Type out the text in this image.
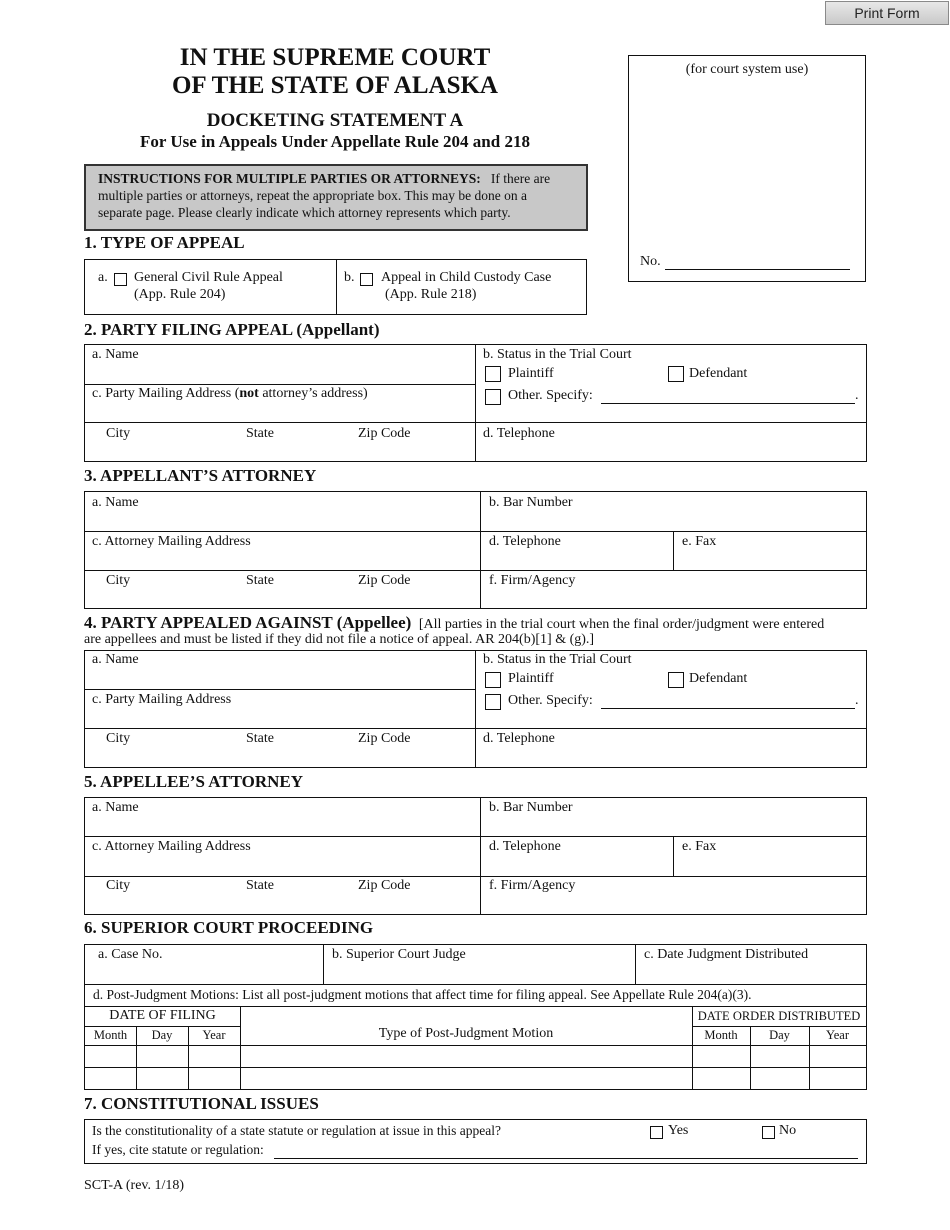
Print Form
IN THE SUPREME COURT
OF THE STATE OF ALASKA
DOCKETING STATEMENT A
For Use in Appeals Under Appellate Rule 204 and 218
(for court system use)
No.
INSTRUCTIONS FOR MULTIPLE PARTIES OR ATTORNEYS: If there are multiple parties or attorneys, repeat the appropriate box. This may be done on a separate page. Please clearly indicate which attorney represents which party.
1. TYPE OF APPEAL
a. General Civil Rule Appeal
(App. Rule 204)
b. Appeal in Child Custody Case
(App. Rule 218)
2. PARTY FILING APPEAL (Appellant)
a. Name
c. Party Mailing Address (not attorney’s address)
City	State	Zip Code
b. Status in the Trial Court
Plaintiff	Defendant
Other. Specify:	.
d. Telephone
3. APPELLANT’S ATTORNEY
a. Name	b. Bar Number
c. Attorney Mailing Address	d. Telephone	e. Fax
City	State	Zip Code	f. Firm/Agency
4. PARTY APPEALED AGAINST (Appellee) [All parties in the trial court when the final order/judgment were entered
are appellees and must be listed if they did not file a notice of appeal. AR 204(b)[1] & (g).]
a. Name
c. Party Mailing Address
City	State	Zip Code
b. Status in the Trial Court
Plaintiff	Defendant
Other. Specify:	.
d. Telephone
5. APPELLEE’S ATTORNEY
a. Name	b. Bar Number
c. Attorney Mailing Address	d. Telephone	e. Fax
City	State	Zip Code	f. Firm/Agency
6. SUPERIOR COURT PROCEEDING
a. Case No.	b. Superior Court Judge	c. Date Judgment Distributed
d. Post-Judgment Motions: List all post-judgment motions that affect time for filing appeal. See Appellate Rule 204(a)(3).
DATE OF FILING	DATE ORDER DISTRIBUTED
Month	Day	Year	Type of Post-Judgment Motion	Month	Day	Year
7. CONSTITUTIONAL ISSUES
Is the constitutionality of a state statute or regulation at issue in this appeal?	Yes	No
If yes, cite statute or regulation:
SCT-A (rev. 1/18)
